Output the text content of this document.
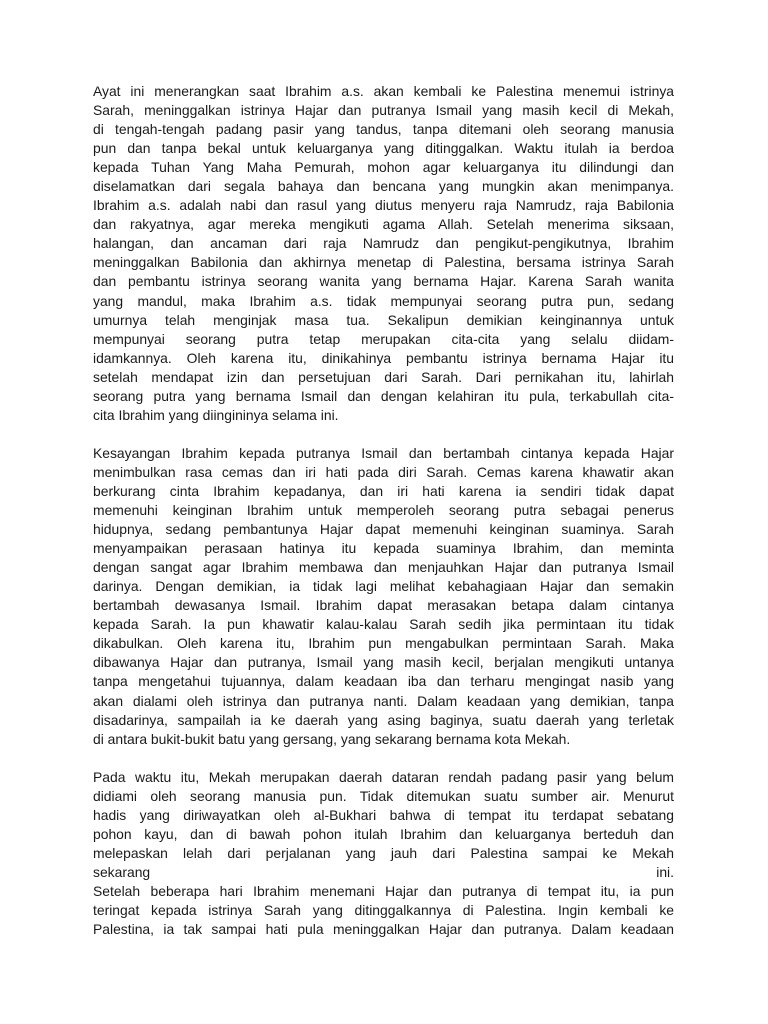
Ayat ini menerangkan saat Ibrahim a.s. akan kembali ke Palestina menemui istrinya
Sarah, meninggalkan istrinya Hajar dan putranya Ismail yang masih kecil di Mekah,
di tengah-tengah padang pasir yang tandus, tanpa ditemani oleh seorang manusia
pun dan tanpa bekal untuk keluarganya yang ditinggalkan. Waktu itulah ia berdoa
kepada Tuhan Yang Maha Pemurah, mohon agar keluarganya itu dilindungi dan
diselamatkan dari segala bahaya dan bencana yang mungkin akan menimpanya.
Ibrahim a.s. adalah nabi dan rasul yang diutus menyeru raja Namrudz, raja Babilonia
dan rakyatnya, agar mereka mengikuti agama Allah. Setelah menerima siksaan,
halangan, dan ancaman dari raja Namrudz dan pengikut-pengikutnya, Ibrahim
meninggalkan Babilonia dan akhirnya menetap di Palestina, bersama istrinya Sarah
dan pembantu istrinya seorang wanita yang bernama Hajar. Karena Sarah wanita
yang mandul, maka Ibrahim a.s. tidak mempunyai seorang putra pun, sedang
umurnya telah menginjak masa tua. Sekalipun demikian keinginannya untuk
mempunyai seorang putra tetap merupakan cita-cita yang selalu diidam-
idamkannya. Oleh karena itu, dinikahinya pembantu istrinya bernama Hajar itu
setelah mendapat izin dan persetujuan dari Sarah. Dari pernikahan itu, lahirlah
seorang putra yang bernama Ismail dan dengan kelahiran itu pula, terkabullah cita-
cita Ibrahim yang diingininya selama ini.
Kesayangan Ibrahim kepada putranya Ismail dan bertambah cintanya kepada Hajar
menimbulkan rasa cemas dan iri hati pada diri Sarah. Cemas karena khawatir akan
berkurang cinta Ibrahim kepadanya, dan iri hati karena ia sendiri tidak dapat
memenuhi keinginan Ibrahim untuk memperoleh seorang putra sebagai penerus
hidupnya, sedang pembantunya Hajar dapat memenuhi keinginan suaminya. Sarah
menyampaikan perasaan hatinya itu kepada suaminya Ibrahim, dan meminta
dengan sangat agar Ibrahim membawa dan menjauhkan Hajar dan putranya Ismail
darinya. Dengan demikian, ia tidak lagi melihat kebahagiaan Hajar dan semakin
bertambah dewasanya Ismail. Ibrahim dapat merasakan betapa dalam cintanya
kepada Sarah. Ia pun khawatir kalau-kalau Sarah sedih jika permintaan itu tidak
dikabulkan. Oleh karena itu, Ibrahim pun mengabulkan permintaan Sarah. Maka
dibawanya Hajar dan putranya, Ismail yang masih kecil, berjalan mengikuti untanya
tanpa mengetahui tujuannya, dalam keadaan iba dan terharu mengingat nasib yang
akan dialami oleh istrinya dan putranya nanti. Dalam keadaan yang demikian, tanpa
disadarinya, sampailah ia ke daerah yang asing baginya, suatu daerah yang terletak
di antara bukit-bukit batu yang gersang, yang sekarang bernama kota Mekah.
Pada waktu itu, Mekah merupakan daerah dataran rendah padang pasir yang belum
didiami oleh seorang manusia pun. Tidak ditemukan suatu sumber air. Menurut
hadis yang diriwayatkan oleh al-Bukhari bahwa di tempat itu terdapat sebatang
pohon kayu, dan di bawah pohon itulah Ibrahim dan keluarganya berteduh dan
melepaskan lelah dari perjalanan yang jauh dari Palestina sampai ke Mekah
sekarang ini.
Setelah beberapa hari Ibrahim menemani Hajar dan putranya di tempat itu, ia pun
teringat kepada istrinya Sarah yang ditinggalkannya di Palestina. Ingin kembali ke
Palestina, ia tak sampai hati pula meninggalkan Hajar dan putranya. Dalam keadaan
